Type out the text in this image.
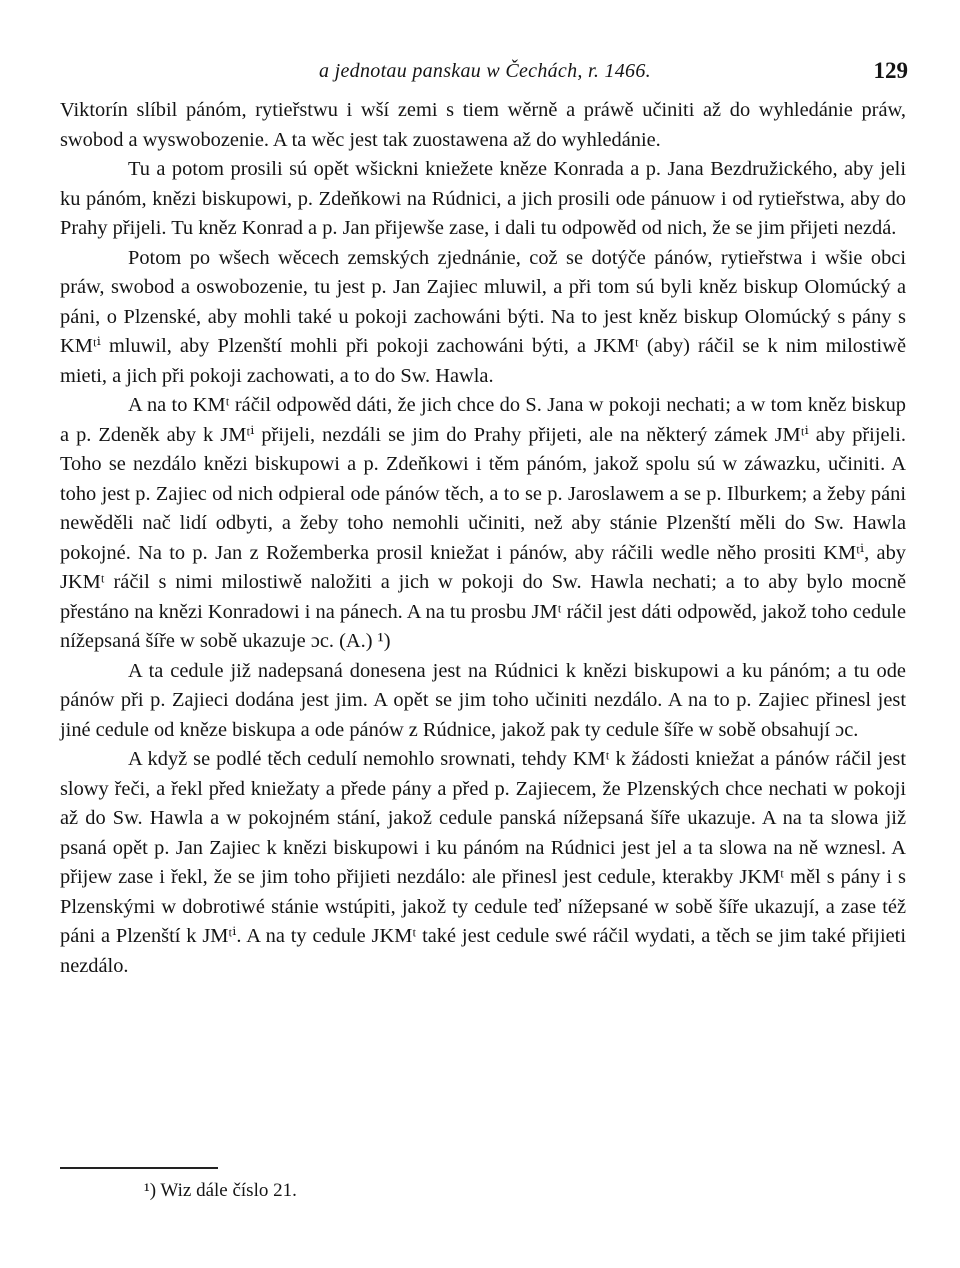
a jednotau panskau w Čechách, r. 1466.	129

Viktorín slíbil pánóm, rytieřstwu i wší zemi s tiem wěrně a práwě učiniti až do wyhledánie práw, swobod a wyswobozenie. A ta wěc jest tak zuostawena až do wyhledánie.

Tu a potom prosili sú opět wšickni kniežete kněze Konrada a p. Jana Bezdružického, aby jeli ku pánóm, knězi biskupowi, p. Zdeňkowi na Rúdnici, a jich prosili ode pánuow i od rytieřstwa, aby do Prahy přijeli. Tu kněz Konrad a p. Jan přijewše zase, i dali tu odpowěd od nich, že se jim přijeti nezdá.

Potom po wšech wěcech zemských zjednánie, což se dotýče pánów, rytieřstwa i wšie obci práw, swobod a oswobozenie, tu jest p. Jan Zajiec mluwil, a při tom sú byli kněz biskup Olomúcký a páni, o Plzenské, aby mohli také u pokoji zachowáni býti. Na to jest kněz biskup Olomúcký s pány s KMᵗⁱ mluwil, aby Plzenští mohli při pokoji zachowáni býti, a JKMᵗ (aby) ráčil se k nim milostiwě mieti, a jich při pokoji zachowati, a to do Sw. Hawla.

A na to KMᵗ ráčil odpowěd dáti, že jich chce do S. Jana w pokoji nechati; a w tom kněz biskup a p. Zdeněk aby k JMᵗⁱ přijeli, nezdáli se jim do Prahy přijeti, ale na některý zámek JMᵗⁱ aby přijeli. Toho se nezdálo knězi biskupowi a p. Zdeňkowi i těm pánóm, jakož spolu sú w záwazku, učiniti. A toho jest p. Zajiec od nich odpieral ode pánów těch, a to se p. Jaroslawem a se p. Ilburkem; a žeby páni newěděli nač lidí odbyti, a žeby toho nemohli učiniti, než aby stánie Plzenští měli do Sw. Hawla pokojné. Na to p. Jan z Rožemberka prosil kniežat i pánów, aby ráčili wedle něho prositi KMᵗⁱ, aby JKMᵗ ráčil s nimi milostiwě naložiti a jich w pokoji do Sw. Hawla nechati; a to aby bylo mocně přestáno na knězi Konradowi i na pánech. A na tu prosbu JMᵗ ráčil jest dáti odpowěd, jakož toho cedule nížepsaná šíře w sobě ukazuje ɔc. (A.) ¹)

A ta cedule již nadepsaná donesena jest na Rúdnici k knězi biskupowi a ku pánóm; a tu ode pánów při p. Zajieci dodána jest jim. A opět se jim toho učiniti nezdálo. A na to p. Zajiec přinesl jest jiné cedule od kněze biskupa a ode pánów z Rúdnice, jakož pak ty cedule šíře w sobě obsahují ɔc.

A když se podlé těch cedulí nemohlo srownati, tehdy KMᵗ k žádosti kniežat a pánów ráčil jest slowy řeči, a řekl před kniežaty a přede pány a před p. Zajiecem, že Plzenských chce nechati w pokoji až do Sw. Hawla a w pokojném stání, jakož cedule panská nížepsaná šíře ukazuje. A na ta slowa již psaná opět p. Jan Zajiec k knězi biskupowi i ku pánóm na Rúdnici jest jel a ta slowa na ně wznesl. A přijew zase i řekl, že se jim toho přijieti nezdálo: ale přinesl jest cedule, kterakby JKMᵗ měl s pány i s Plzenskými w dobrotiwé stánie wstúpiti, jakož ty cedule teď nížepsané w sobě šíře ukazují, a zase též páni a Plzenští k JMᵗⁱ. A na ty cedule JKMᵗ také jest cedule swé ráčil wydati, a těch se jim také přijieti nezdálo.

¹) Wiz dále číslo 21.
